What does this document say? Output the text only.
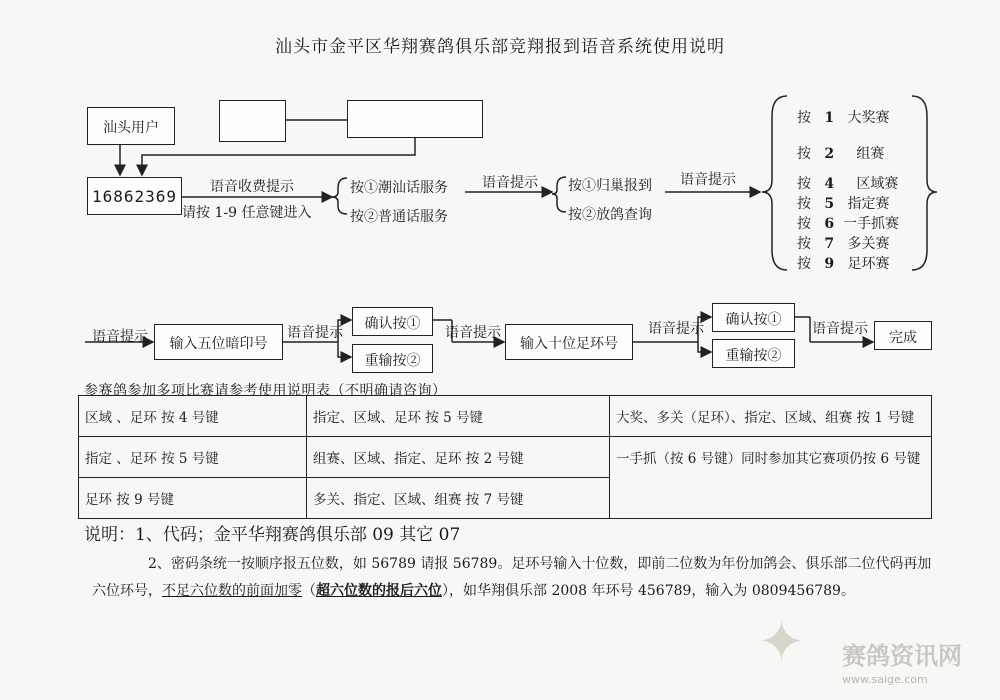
汕头市金平区华翔赛鸽俱乐部竞翔报到语音系统使用说明
汕头用户
16862369 语音收费提示
请按 1-9 任意键进入
按①潮汕话服务
按②普通话服务
语音提示 按①归巢报到
按②放鸽查询
语音提示
按 1 大奖赛
按 2 组赛
按 4 区域赛
按 5 指定赛
按 6 一手抓赛
按 7 多关赛
按 9 足环赛
语音提示	输入五位暗印号
语音提示
确认按①
重输按②
语音提示
输入十位足环号
语音提示
确认按①
重输按②
语音提示
完成
参赛鸽参加多项比赛请参考使用说明表（不明确请咨询）
区域 、足环 按 4 号键	指定、区域、足环 按 5 号键	大奖、多关（足环）、指定、区域、组赛 按 1 号键
指定 、足环 按 5 号键	组赛、区域、指定、足环 按 2 号键	一手抓（按 6 号键）同时参加其它赛项仍按 6 号键
足环 按 9 号键	多关、指定、区域、组赛 按 7 号键	
说明：1、代码；金平华翔赛鸽俱乐部 09 其它 07
2、密码条统一按顺序报五位数，如 56789 请报 56789。足环号输入十位数，即前二位数为年份加鸽会、俱乐部二位代码再加
六位环号，不足六位数的前面加零（超六位数的报后六位），如华翔俱乐部 2008 年环号 456789，输入为 0809456789。
✦ 赛鸽资讯网
www.saige.com
